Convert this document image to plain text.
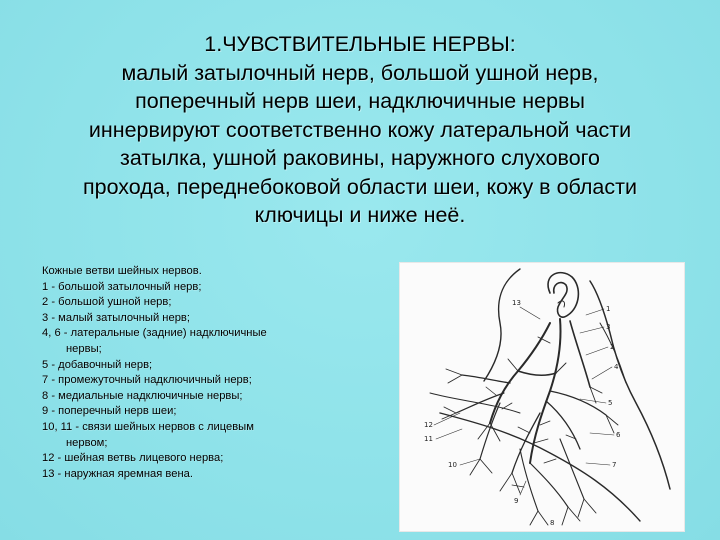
1.ЧУВСТВИТЕЛЬНЫЕ НЕРВЫ:
малый затылочный нерв, большой ушной нерв,
поперечный нерв шеи, надключичные нервы
иннервируют соответственно кожу латеральной части
затылка, ушной раковины, наружного слухового
прохода, переднебоковой области шеи, кожу в области
ключицы и ниже неё.
Кожные ветви шейных нервов.
1 - большой затылочный нерв;
2 - большой ушной нерв;
3 - малый затылочный нерв;
4, 6 - латеральные (задние) надключичные
нервы;
5 - добавочный нерв;
7 - промежуточный надключичный нерв;
8 - медиальные надключичные нервы;
9 - поперечный нерв шеи;
10, 11 - связи шейных нервов с лицевым
нервом;
12 - шейная ветвь лицевого нерва;
13 - наружная яремная вена.
13
1
3
2
4
5
6
7
12
11
10
9
8
